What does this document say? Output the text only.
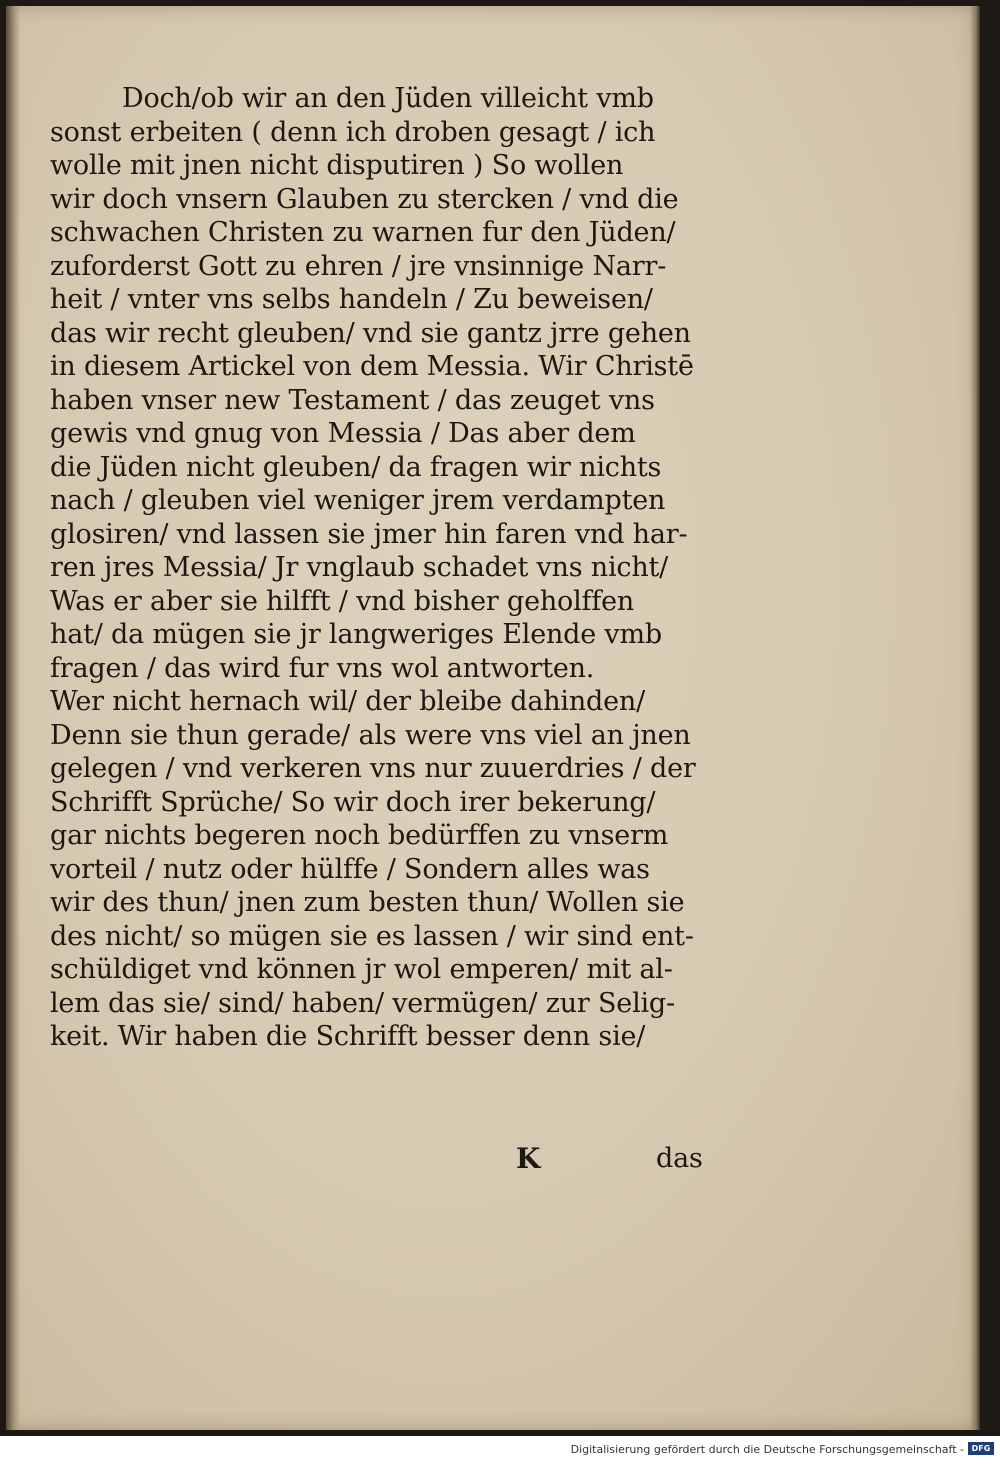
Doch/ob wir an den Jüden villeicht vmb
sonst erbeiten ( denn ich droben gesagt / ich
wolle mit jnen nicht disputiren ) So wollen
wir doch vnsern Glauben zu stercken / vnd die
schwachen Christen zu warnen fur den Jüden/
zuforderst Gott zu ehren / jre vnsinnige Narr-
heit / vnter vns selbs handeln / Zu beweisen/
das wir recht gleuben/ vnd sie gantz jrre gehen
in diesem Artickel von dem Messia. Wir Christē
haben vnser new Testament / das zeuget vns
gewis vnd gnug von Messia / Das aber dem
die Jüden nicht gleuben/ da fragen wir nichts
nach / gleuben viel weniger jrem verdampten
glosiren/ vnd lassen sie jmer hin faren vnd har-
ren jres Messia/ Jr vnglaub schadet vns nicht/
Was er aber sie hilfft / vnd bisher geholffen
hat/ da mügen sie jr langweriges Elende vmb
fragen / das wird fur vns wol antworten.
Wer nicht hernach wil/ der bleibe dahinden/
Denn sie thun gerade/ als were vns viel an jnen
gelegen / vnd verkeren vns nur zuuerdries / der
Schrifft Sprüche/ So wir doch irer bekerung/
gar nichts begeren noch bedürffen zu vnserm
vorteil / nutz oder hülffe / Sondern alles was
wir des thun/ jnen zum besten thun/ Wollen sie
des nicht/ so mügen sie es lassen / wir sind ent-
schüldiget vnd können jr wol emperen/ mit al-
lem das sie/ sind/ haben/ vermügen/ zur Selig-
keit. Wir haben die Schrifft besser denn sie/
K	das
Digitalisierung gefördert durch die Deutsche Forschungsgemeinschaft - DFG
